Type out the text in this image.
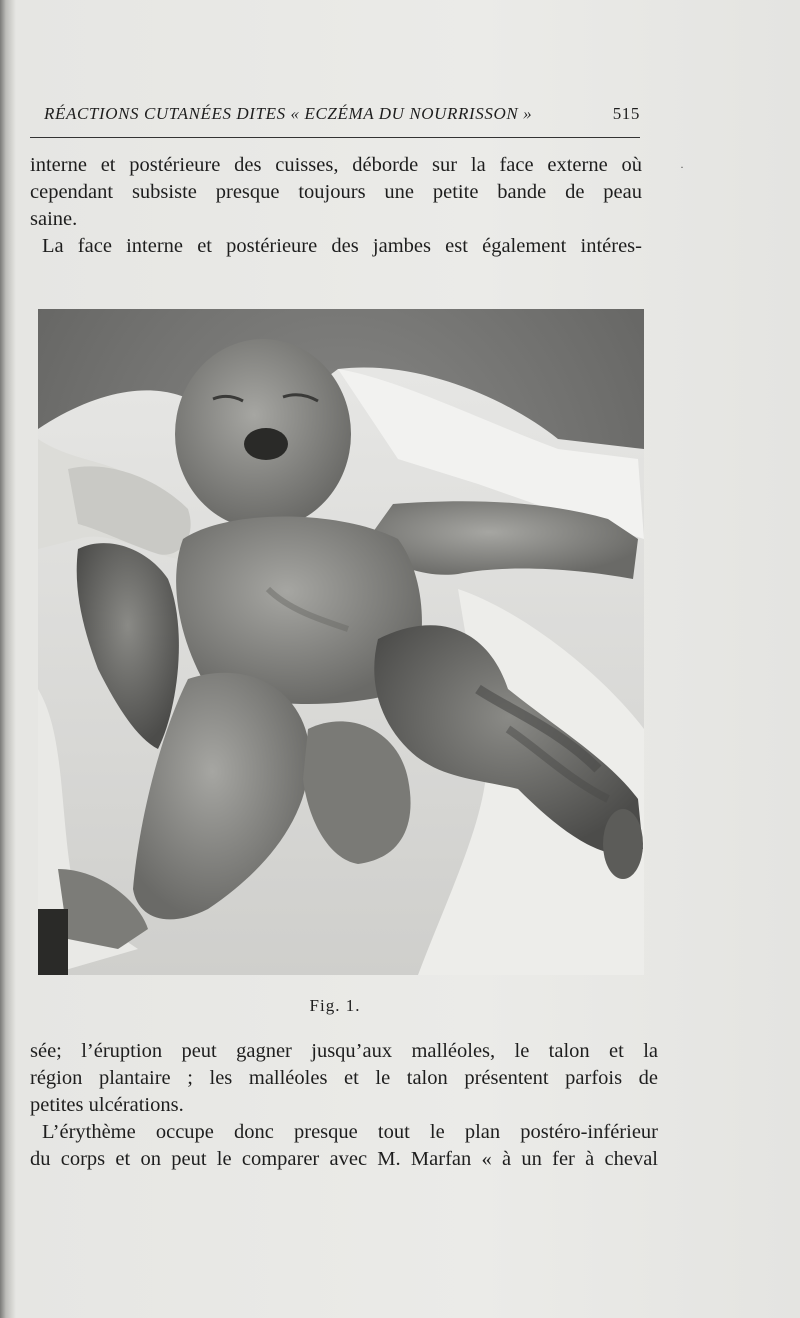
RÉACTIONS CUTANÉES DITES « ECZÉMA DU NOURRISSON »	515
·
interne et postérieure des cuisses, déborde sur la face externe où
cependant subsiste presque toujours une petite bande de peau
saine.
La face interne et postérieure des jambes est également intéres-
Fig. 1.
sée; l’éruption peut gagner jusqu’aux malléoles, le talon et la
région plantaire ; les malléoles et le talon présentent parfois de
petites ulcérations.
L’érythème occupe donc presque tout le plan postéro-inférieur
du corps et on peut le comparer avec M. Marfan « à un fer à cheval
